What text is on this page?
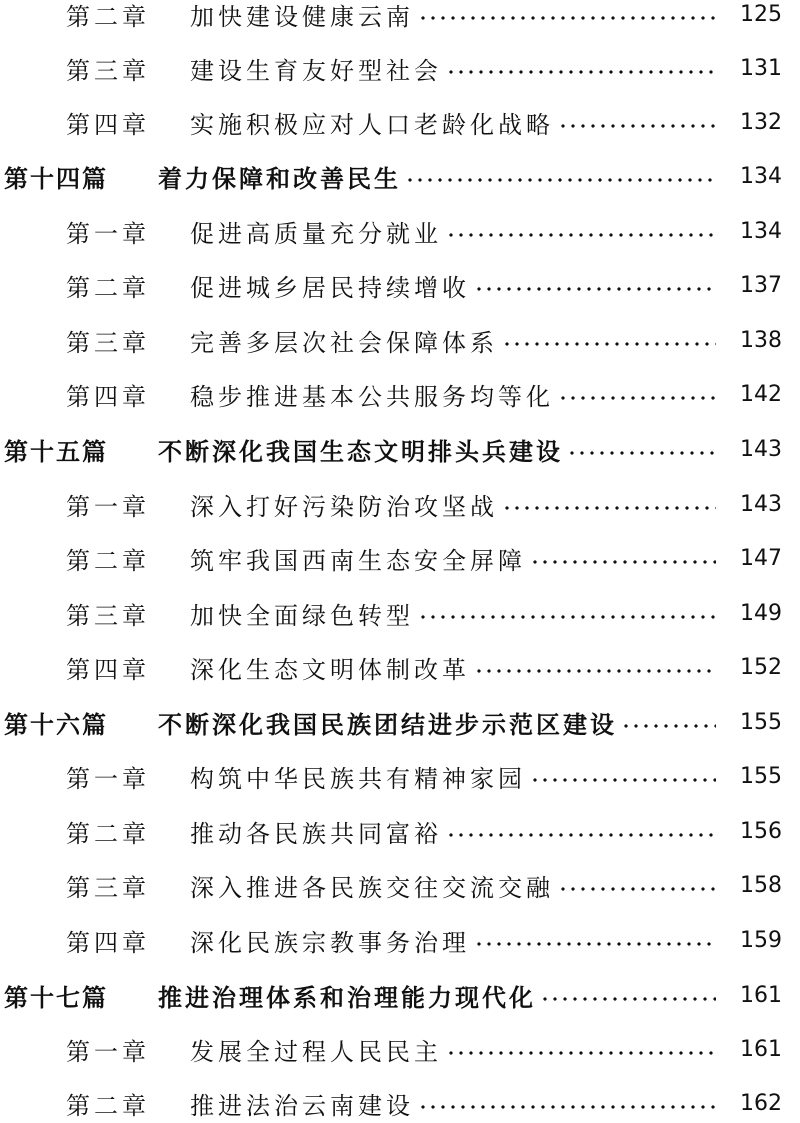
第二章	加快建设健康云南	125
第三章	建设生育友好型社会	131
第四章	实施积极应对人口老龄化战略	132
第十四篇	着力保障和改善民生	134
第一章	促进高质量充分就业	134
第二章	促进城乡居民持续增收	137
第三章	完善多层次社会保障体系	138
第四章	稳步推进基本公共服务均等化	142
第十五篇	不断深化我国生态文明排头兵建设	143
第一章	深入打好污染防治攻坚战	143
第二章	筑牢我国西南生态安全屏障	147
第三章	加快全面绿色转型	149
第四章	深化生态文明体制改革	152
第十六篇	不断深化我国民族团结进步示范区建设	155
第一章	构筑中华民族共有精神家园	155
第二章	推动各民族共同富裕	156
第三章	深入推进各民族交往交流交融	158
第四章	深化民族宗教事务治理	159
第十七篇	推进治理体系和治理能力现代化	161
第一章	发展全过程人民民主	161
第二章	推进法治云南建设	162
